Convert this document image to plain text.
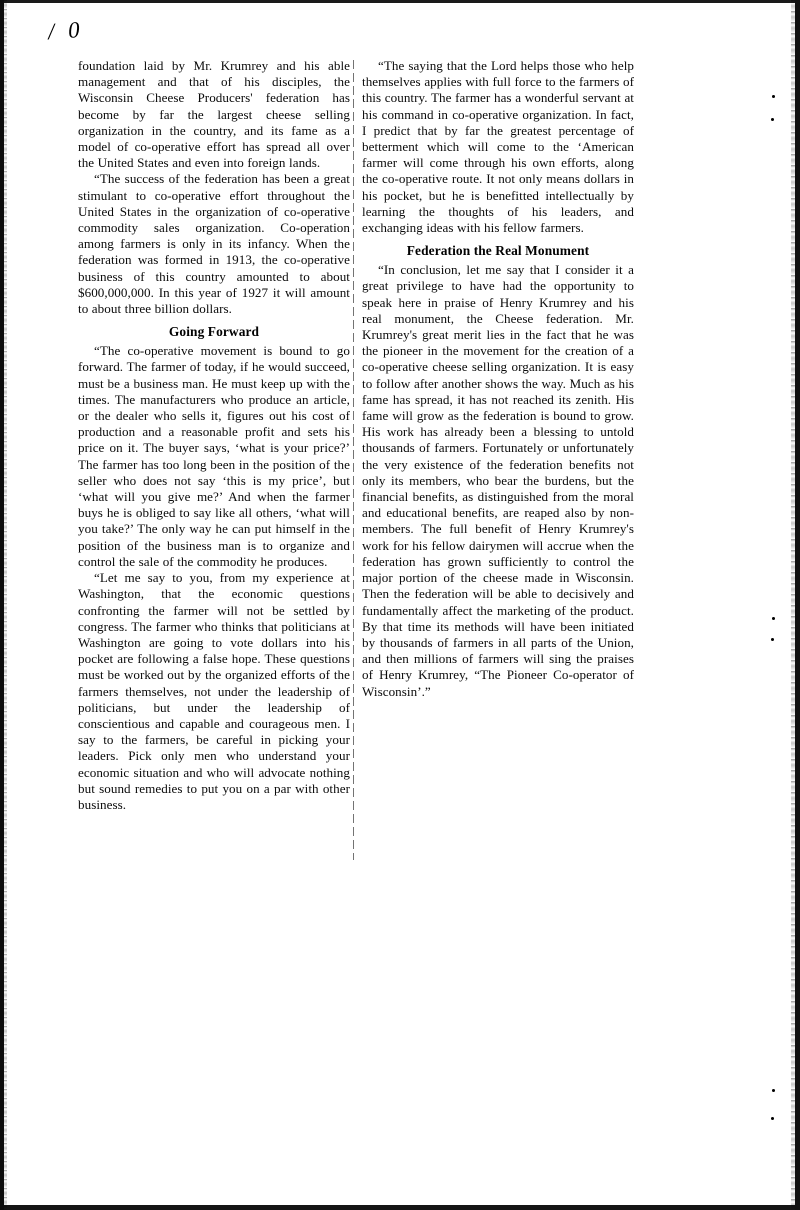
/ 0

foundation laid by Mr. Krumrey and his able management and that of his disciples, the Wisconsin Cheese Producers' federation has become by far the largest cheese selling organization in the country, and its fame as a model of co-operative effort has spread all over the United States and even into foreign lands.

“The success of the federation has been a great stimulant to co-operative effort throughout the United States in the organization of co-operative commodity sales organization. Co-operation among farmers is only in its infancy. When the federation was formed in 1913, the co-operative business of this country amounted to about $600,000,000. In this year of 1927 it will amount to about three billion dollars.

Going Forward

“The co-operative movement is bound to go forward. The farmer of today, if he would succeed, must be a business man. He must keep up with the times. The manufacturers who produce an article, or the dealer who sells it, figures out his cost of production and a reasonable profit and sets his price on it. The buyer says, ‘what is your price?’ The farmer has too long been in the position of the seller who does not say ‘this is my price’, but ‘what will you give me?’ And when the farmer buys he is obliged to say like all others, ‘what will you take?’ The only way he can put himself in the position of the business man is to organize and control the sale of the commodity he produces.

“Let me say to you, from my experience at Washington, that the economic questions confronting the farmer will not be settled by congress. The farmer who thinks that politicians at Washington are going to vote dollars into his pocket are following a false hope. These questions must be worked out by the organized efforts of the farmers themselves, not under the leadership of politicians, but under the leadership of conscientious and capable and courageous men. I say to the farmers, be careful in picking your leaders. Pick only men who understand your economic situation and who will advocate nothing but sound remedies to put you on a par with other business.

“The saying that the Lord helps those who help themselves applies with full force to the farmers of this country. The farmer has a wonderful servant at his command in co-operative organization. In fact, I predict that by far the greatest percentage of betterment which will come to the ‘American farmer will come through his own efforts, along the co-operative route. It not only means dollars in his pocket, but he is benefitted intellectually by learning the thoughts of his leaders, and exchanging ideas with his fellow farmers.

Federation the Real Monument

“In conclusion, let me say that I consider it a great privilege to have had the opportunity to speak here in praise of Henry Krumrey and his real monument, the Cheese federation. Mr. Krumrey's great merit lies in the fact that he was the pioneer in the movement for the creation of a co-operative cheese selling organization. It is easy to follow after another shows the way. Much as his fame has spread, it has not reached its zenith. His fame will grow as the federation is bound to grow. His work has already been a blessing to untold thousands of farmers. Fortunately or unfortunately the very existence of the federation benefits not only its members, who bear the burdens, but the financial benefits, as distinguished from the moral and educational benefits, are reaped also by non-members. The full benefit of Henry Krumrey's work for his fellow dairymen will accrue when the federation has grown sufficiently to control the major portion of the cheese made in Wisconsin. Then the federation will be able to decisively and fundamentally affect the marketing of the product. By that time its methods will have been initiated by thousands of farmers in all parts of the Union, and then millions of farmers will sing the praises of Henry Krumrey, “The Pioneer Co-operator of Wisconsin’.”
